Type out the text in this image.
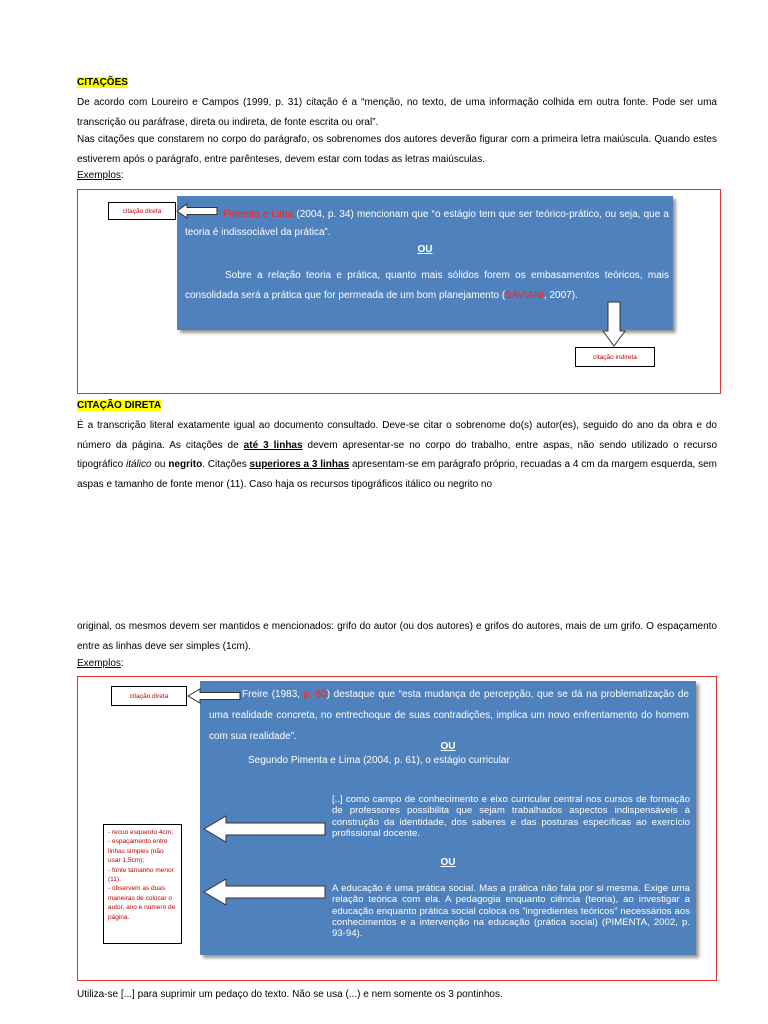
CITAÇÕES
De acordo com Loureiro e Campos (1999, p. 31) citação é a “menção, no texto, de uma informação colhida em outra fonte. Pode ser uma transcrição ou paráfrase, direta ou indireta, de fonte escrita ou oral”.
Nas citações que constarem no corpo do parágrafo, os sobrenomes dos autores deverão figurar com a primeira letra maiúscula. Quando estes estiverem após o parágrafo, entre parênteses, devem estar com todas as letras maiúsculas.
Exemplos:
Pimenta e Lima (2004, p. 34) mencionam que “o estágio tem que ser teórico-prático, ou seja, que a teoria é indissociável da prática”.
OU
Sobre a relação teoria e prática, quanto mais sólidos forem os embasamentos teóricos, mais consolidada será a prática que for permeada de um bom planejamento (SAVIANI, 2007).
citação direta
citação indireta
CITAÇÃO DIRETA
É a transcrição literal exatamente igual ao documento consultado. Deve-se citar o sobrenome do(s) autor(es), seguido do ano da obra e do número da página. As citações de até 3 linhas devem apresentar-se no corpo do trabalho, entre aspas, não sendo utilizado o recurso tipográfico itálico ou negrito. Citações superiores a 3 linhas apresentam-se em parágrafo próprio, recuadas a 4 cm da margem esquerda, sem aspas e tamanho de fonte menor (11). Caso haja os recursos tipográficos itálico ou negrito no
original, os mesmos devem ser mantidos e mencionados: grifo do autor (ou dos autores) e grifos do autores, mais de um grifo. O espaçamento entre as linhas deve ser simples (1cm).
Exemplos:
Freire (1983, p. 60) destaque que “esta mudança de percepção, que se dá na problematização de uma realidade concreta, no entrechoque de suas contradições, implica um novo enfrentamento do homem com sua realidade”.
OU
Segundo Pimenta e Lima (2004, p. 61), o estágio curricular
[..] como campo de conhecimento e eixo curricular central nos cursos de formação de professores possibilita que sejam trabalhados aspectos indispensáveis à construção da identidade, dos saberes e das posturas específicas ao exercício profissional docente.
OU
A educação é uma prática social. Mas a prática não fala por si mesma. Exige uma relação teórica com ela. A pedagogia enquanto ciência (teoria), ao investigar a educação enquanto prática social coloca os “ingredientes teóricos” necessários aos conhecimentos e a intervenção na educação (prática social) (PIMENTA, 2002, p. 93-94).
citação direta
- recuo esquerdo 4cm;
- espaçamento entre linhas simples (não usar 1,5cm);
- fonte tamanho menor (11);
- observem as duas maneiras de colocar o autor, ano e número de página.
Utiliza-se [...] para suprimir um pedaço do texto. Não se usa (...) e nem somente os 3 pontinhos.
